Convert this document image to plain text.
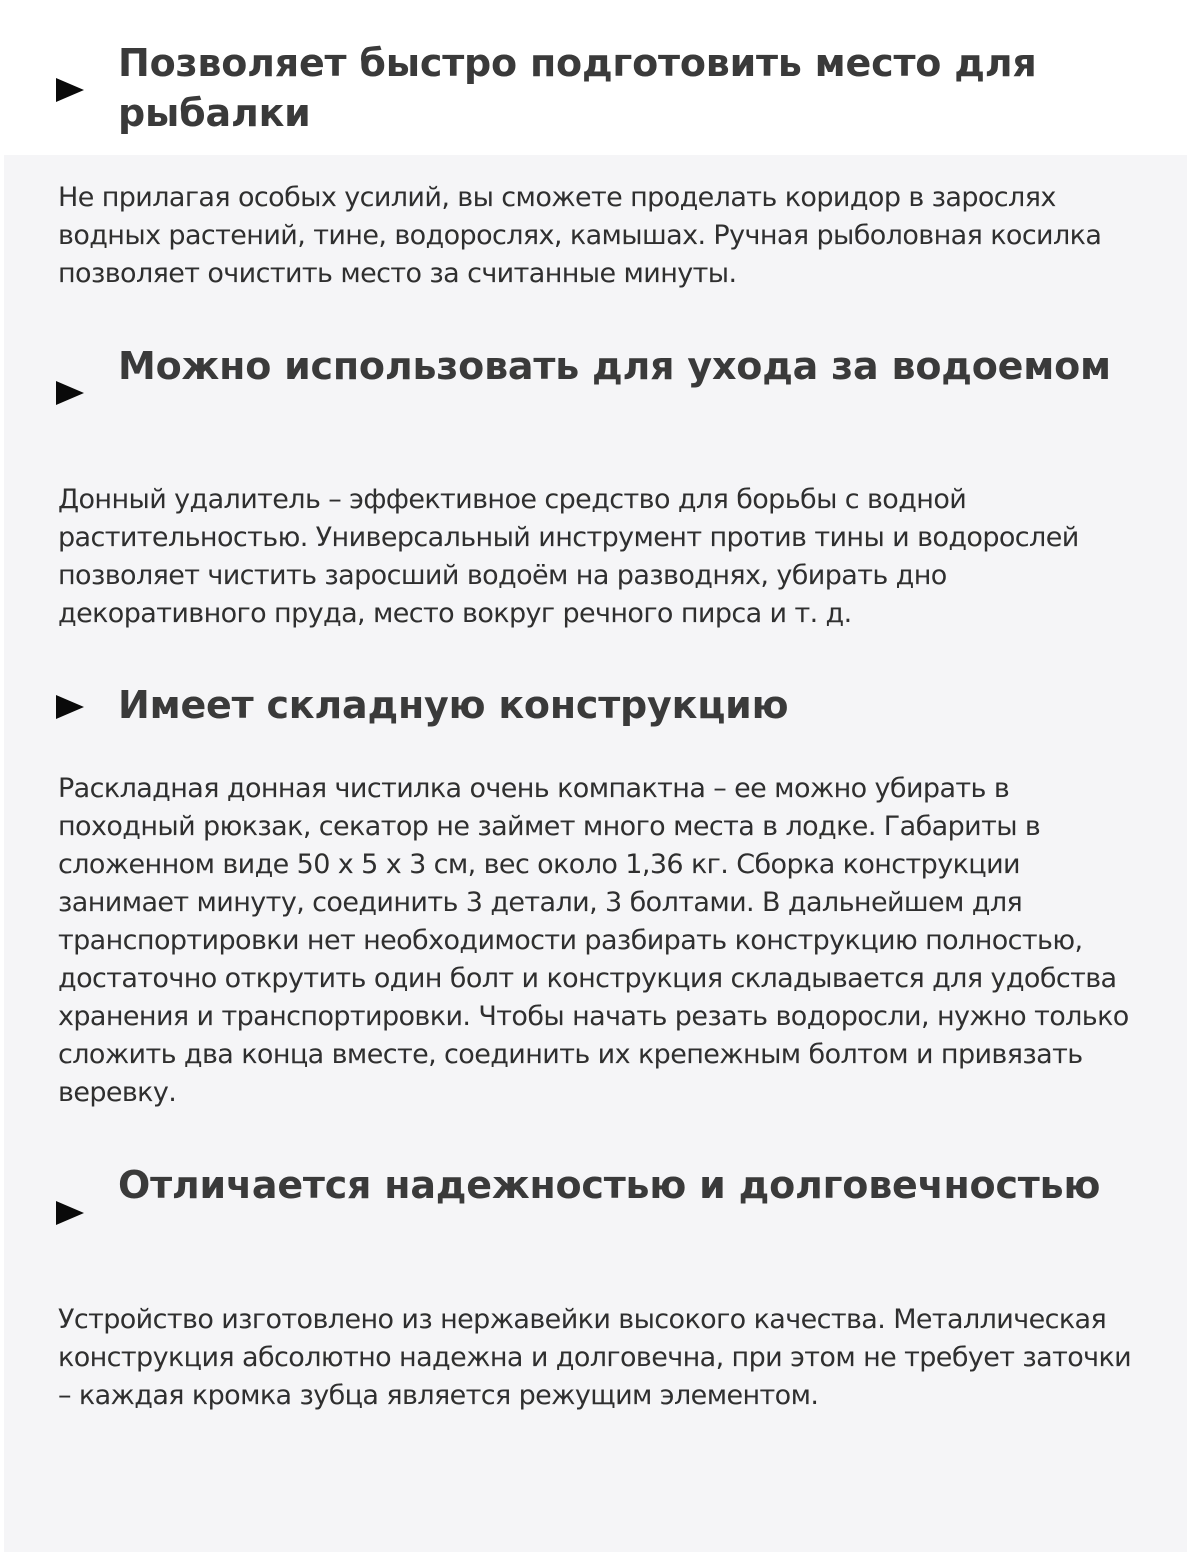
Позволяет быстро подготовить место для рыбалки

Не прилагая особых усилий, вы сможете проделать коридор в зарослях водных растений, тине, водорослях, камышах. Ручная рыболовная косилка позволяет очистить место за считанные минуты.

Можно использовать для ухода за водоемом

Донный удалитель – эффективное средство для борьбы с водной растительностью. Универсальный инструмент против тины и водорослей позволяет чистить заросший водоём на разводнях, убирать дно декоративного пруда, место вокруг речного пирса и т. д.

Имеет складную конструкцию

Раскладная донная чистилка очень компактна – ее можно убирать в походный рюкзак, секатор не займет много места в лодке. Габариты в сложенном виде 50 х 5 х 3 см, вес около 1,36 кг. Сборка конструкции занимает минуту, соединить 3 детали, 3 болтами. В дальнейшем для транспортировки нет необходимости разбирать конструкцию полностью, достаточно открутить один болт и конструкция складывается для удобства хранения и транспортировки. Чтобы начать резать водоросли, нужно только сложить два конца вместе, соединить их крепежным болтом и привязать веревку.

Отличается надежностью и долговечностью

Устройство изготовлено из нержавейки высокого качества. Металлическая конструкция абсолютно надежна и долговечна, при этом не требует заточки – каждая кромка зубца является режущим элементом.
